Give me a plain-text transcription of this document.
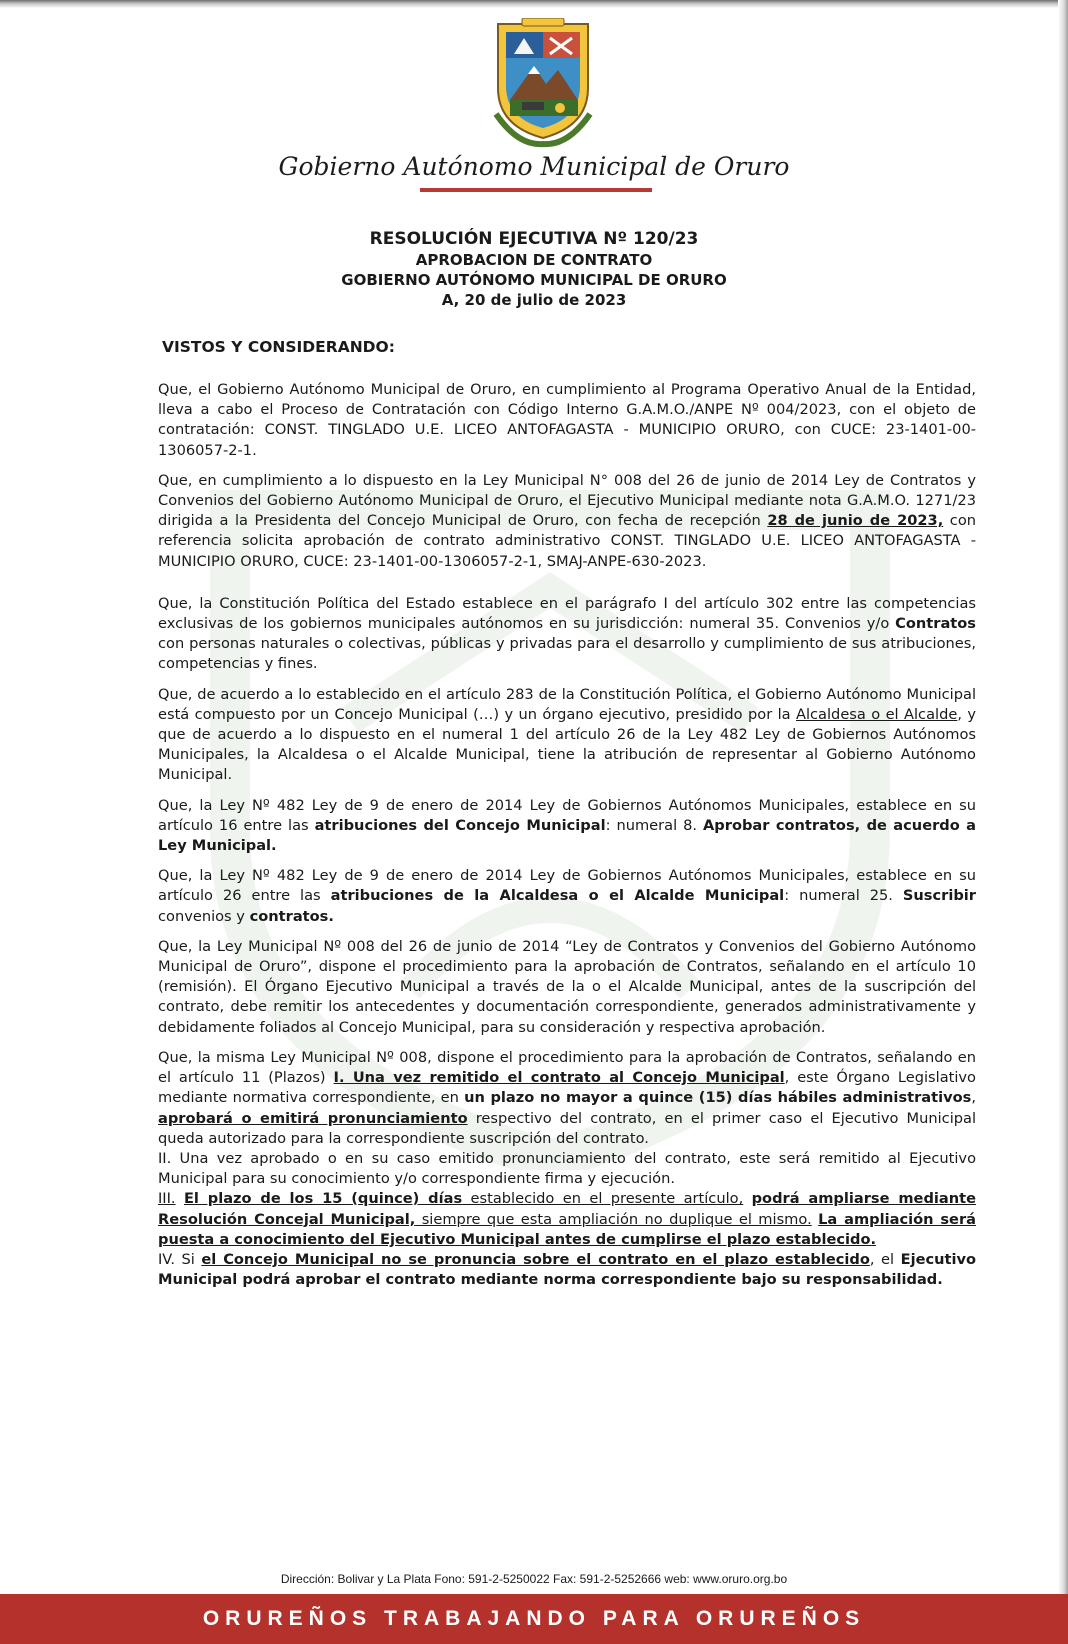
Gobierno Autónomo Municipal de Oruro
RESOLUCIÓN EJECUTIVA Nº 120/23
APROBACION DE CONTRATO
GOBIERNO AUTÓNOMO MUNICIPAL DE ORURO
A, 20 de julio de 2023
VISTOS Y CONSIDERANDO:

Que, el Gobierno Autónomo Municipal de Oruro, en cumplimiento al Programa Operativo Anual de la Entidad, lleva a cabo el Proceso de Contratación con Código Interno G.A.M.O./ANPE Nº 004/2023, con el objeto de contratación: CONST. TINGLADO U.E. LICEO ANTOFAGASTA - MUNICIPIO ORURO, con CUCE: 23-1401-00-1306057-2-1.

Que, en cumplimiento a lo dispuesto en la Ley Municipal N° 008 del 26 de junio de 2014 Ley de Contratos y Convenios del Gobierno Autónomo Municipal de Oruro, el Ejecutivo Municipal mediante nota G.A.M.O. 1271/23 dirigida a la Presidenta del Concejo Municipal de Oruro, con fecha de recepción 28 de junio de 2023, con referencia solicita aprobación de contrato administrativo CONST. TINGLADO U.E. LICEO ANTOFAGASTA - MUNICIPIO ORURO, CUCE: 23-1401-00-1306057-2-1, SMAJ-ANPE-630-2023.

Que, la Constitución Política del Estado establece en el parágrafo I del artículo 302 entre las competencias exclusivas de los gobiernos municipales autónomos en su jurisdicción: numeral 35. Convenios y/o Contratos con personas naturales o colectivas, públicas y privadas para el desarrollo y cumplimiento de sus atribuciones, competencias y fines.

Que, de acuerdo a lo establecido en el artículo 283 de la Constitución Política, el Gobierno Autónomo Municipal está compuesto por un Concejo Municipal (…) y un órgano ejecutivo, presidido por la Alcaldesa o el Alcalde, y que de acuerdo a lo dispuesto en el numeral 1 del artículo 26 de la Ley 482 Ley de Gobiernos Autónomos Municipales, la Alcaldesa o el Alcalde Municipal, tiene la atribución de representar al Gobierno Autónomo Municipal.

Que, la Ley Nº 482 Ley de 9 de enero de 2014 Ley de Gobiernos Autónomos Municipales, establece en su artículo 16 entre las atribuciones del Concejo Municipal: numeral 8. Aprobar contratos, de acuerdo a Ley Municipal.

Que, la Ley Nº 482 Ley de 9 de enero de 2014 Ley de Gobiernos Autónomos Municipales, establece en su artículo 26 entre las atribuciones de la Alcaldesa o el Alcalde Municipal: numeral 25. Suscribir convenios y contratos.

Que, la Ley Municipal Nº 008 del 26 de junio de 2014 “Ley de Contratos y Convenios del Gobierno Autónomo Municipal de Oruro”, dispone el procedimiento para la aprobación de Contratos, señalando en el artículo 10 (remisión). El Órgano Ejecutivo Municipal a través de la o el Alcalde Municipal, antes de la suscripción del contrato, debe remitir los antecedentes y documentación correspondiente, generados administrativamente y debidamente foliados al Concejo Municipal, para su consideración y respectiva aprobación.

Que, la misma Ley Municipal Nº 008, dispone el procedimiento para la aprobación de Contratos, señalando en el artículo 11 (Plazos) I. Una vez remitido el contrato al Concejo Municipal, este Órgano Legislativo mediante normativa correspondiente, en un plazo no mayor a quince (15) días hábiles administrativos, aprobará o emitirá pronunciamiento respectivo del contrato, en el primer caso el Ejecutivo Municipal queda autorizado para la correspondiente suscripción del contrato.

II. Una vez aprobado o en su caso emitido pronunciamiento del contrato, este será remitido al Ejecutivo Municipal para su conocimiento y/o correspondiente firma y ejecución.

III. El plazo de los 15 (quince) días establecido en el presente artículo, podrá ampliarse mediante Resolución Concejal Municipal, siempre que esta ampliación no duplique el mismo. La ampliación será puesta a conocimiento del Ejecutivo Municipal antes de cumplirse el plazo establecido.

IV. Si el Concejo Municipal no se pronuncia sobre el contrato en el plazo establecido, el Ejecutivo Municipal podrá aprobar el contrato mediante norma correspondiente bajo su responsabilidad.

Dirección: Bolivar y La Plata Fono: 591-2-5250022 Fax: 591-2-5252666 web: www.oruro.org.bo
ORUREÑOS TRABAJANDO PARA ORUREÑOS
